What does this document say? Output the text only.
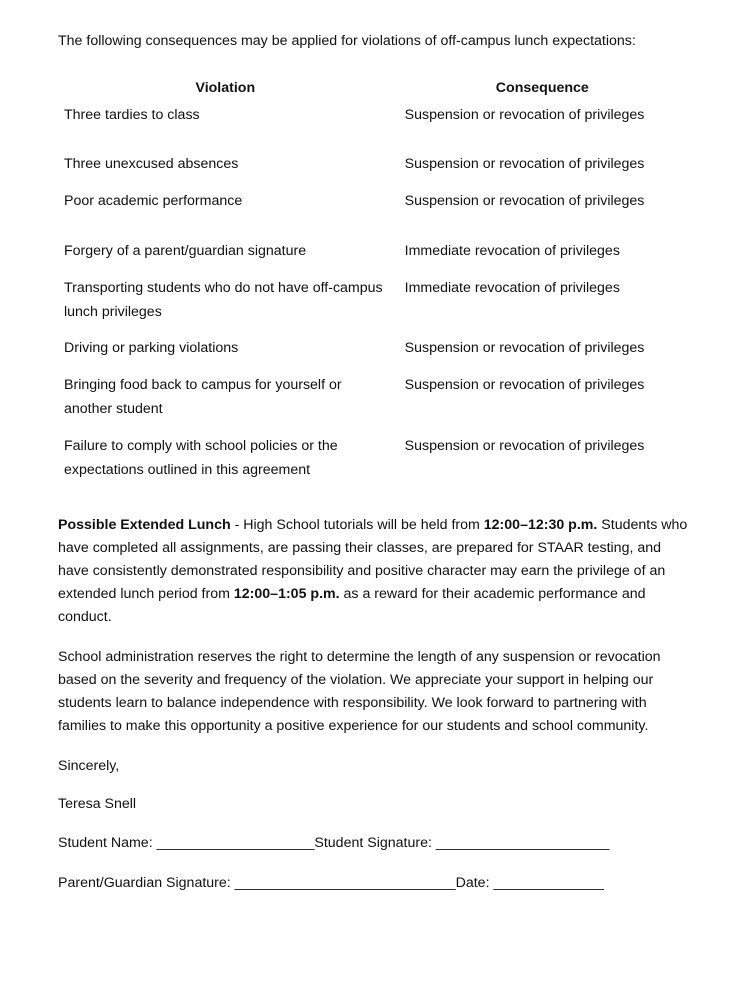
The following consequences may be applied for violations of off-campus lunch expectations:

Violation	Consequence
Three tardies to class	Suspension or revocation of privileges
Three unexcused absences	Suspension or revocation of privileges
Poor academic performance	Suspension or revocation of privileges
Forgery of a parent/guardian signature	Immediate revocation of privileges
Transporting students who do not have off-campus lunch privileges	Immediate revocation of privileges
Driving or parking violations	Suspension or revocation of privileges
Bringing food back to campus for yourself or another student	Suspension or revocation of privileges
Failure to comply with school policies or the expectations outlined in this agreement	Suspension or revocation of privileges

Possible Extended Lunch - High School tutorials will be held from 12:00–12:30 p.m. Students who have completed all assignments, are passing their classes, are prepared for STAAR testing, and have consistently demonstrated responsibility and positive character may earn the privilege of an extended lunch period from 12:00–1:05 p.m. as a reward for their academic performance and conduct.

School administration reserves the right to determine the length of any suspension or revocation based on the severity and frequency of the violation. We appreciate your support in helping our students learn to balance independence with responsibility. We look forward to partnering with families to make this opportunity a positive experience for our students and school community.

Sincerely,

Teresa Snell

Student Name: ____________________Student Signature: ______________________

Parent/Guardian Signature: ____________________________Date: ______________
